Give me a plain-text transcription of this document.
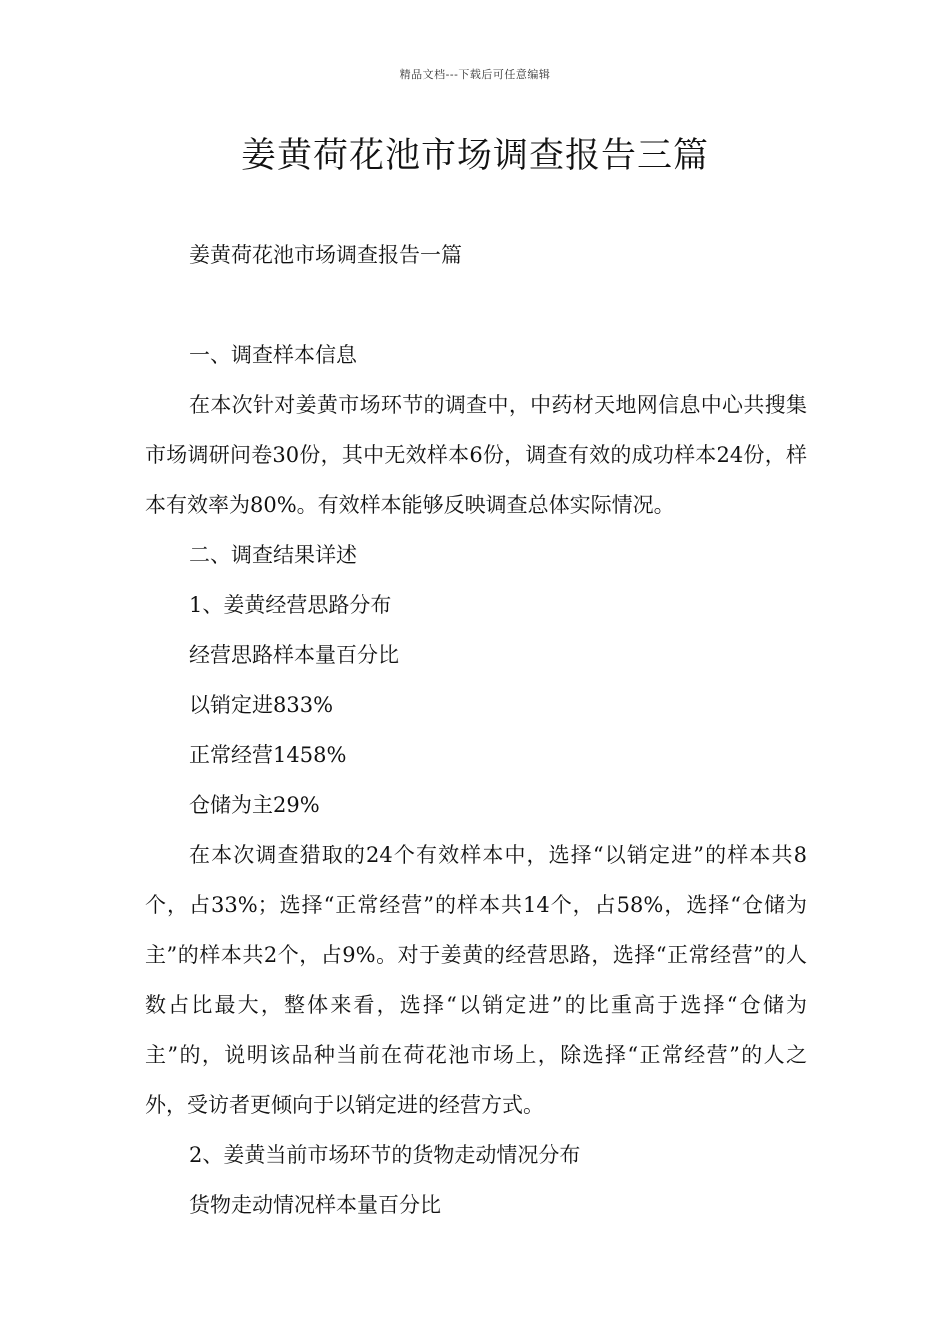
精品文档---下载后可任意编辑
姜黄荷花池市场调查报告三篇
姜黄荷花池市场调查报告一篇
一、调查样本信息

在本次针对姜黄市场环节的调查中，中药材天地网信息中心共搜集市场调研问卷30份，其中无效样本6份，调查有效的成功样本24份，样本有效率为80%。有效样本能够反映调查总体实际情况。

二、调查结果详述
1、姜黄经营思路分布
经营思路样本量百分比
以销定进833%
正常经营1458%
仓储为主29%

在本次调查猎取的24个有效样本中，选择“以销定进”的样本共8个，占33%；选择“正常经营”的样本共14个，占58%，选择“仓储为主”的样本共2个，占9%。对于姜黄的经营思路，选择“正常经营”的人数占比最大，整体来看，选择“以销定进”的比重高于选择“仓储为主”的，说明该品种当前在荷花池市场上，除选择“正常经营”的人之外，受访者更倾向于以销定进的经营方式。

2、姜黄当前市场环节的货物走动情况分布
货物走动情况样本量百分比
